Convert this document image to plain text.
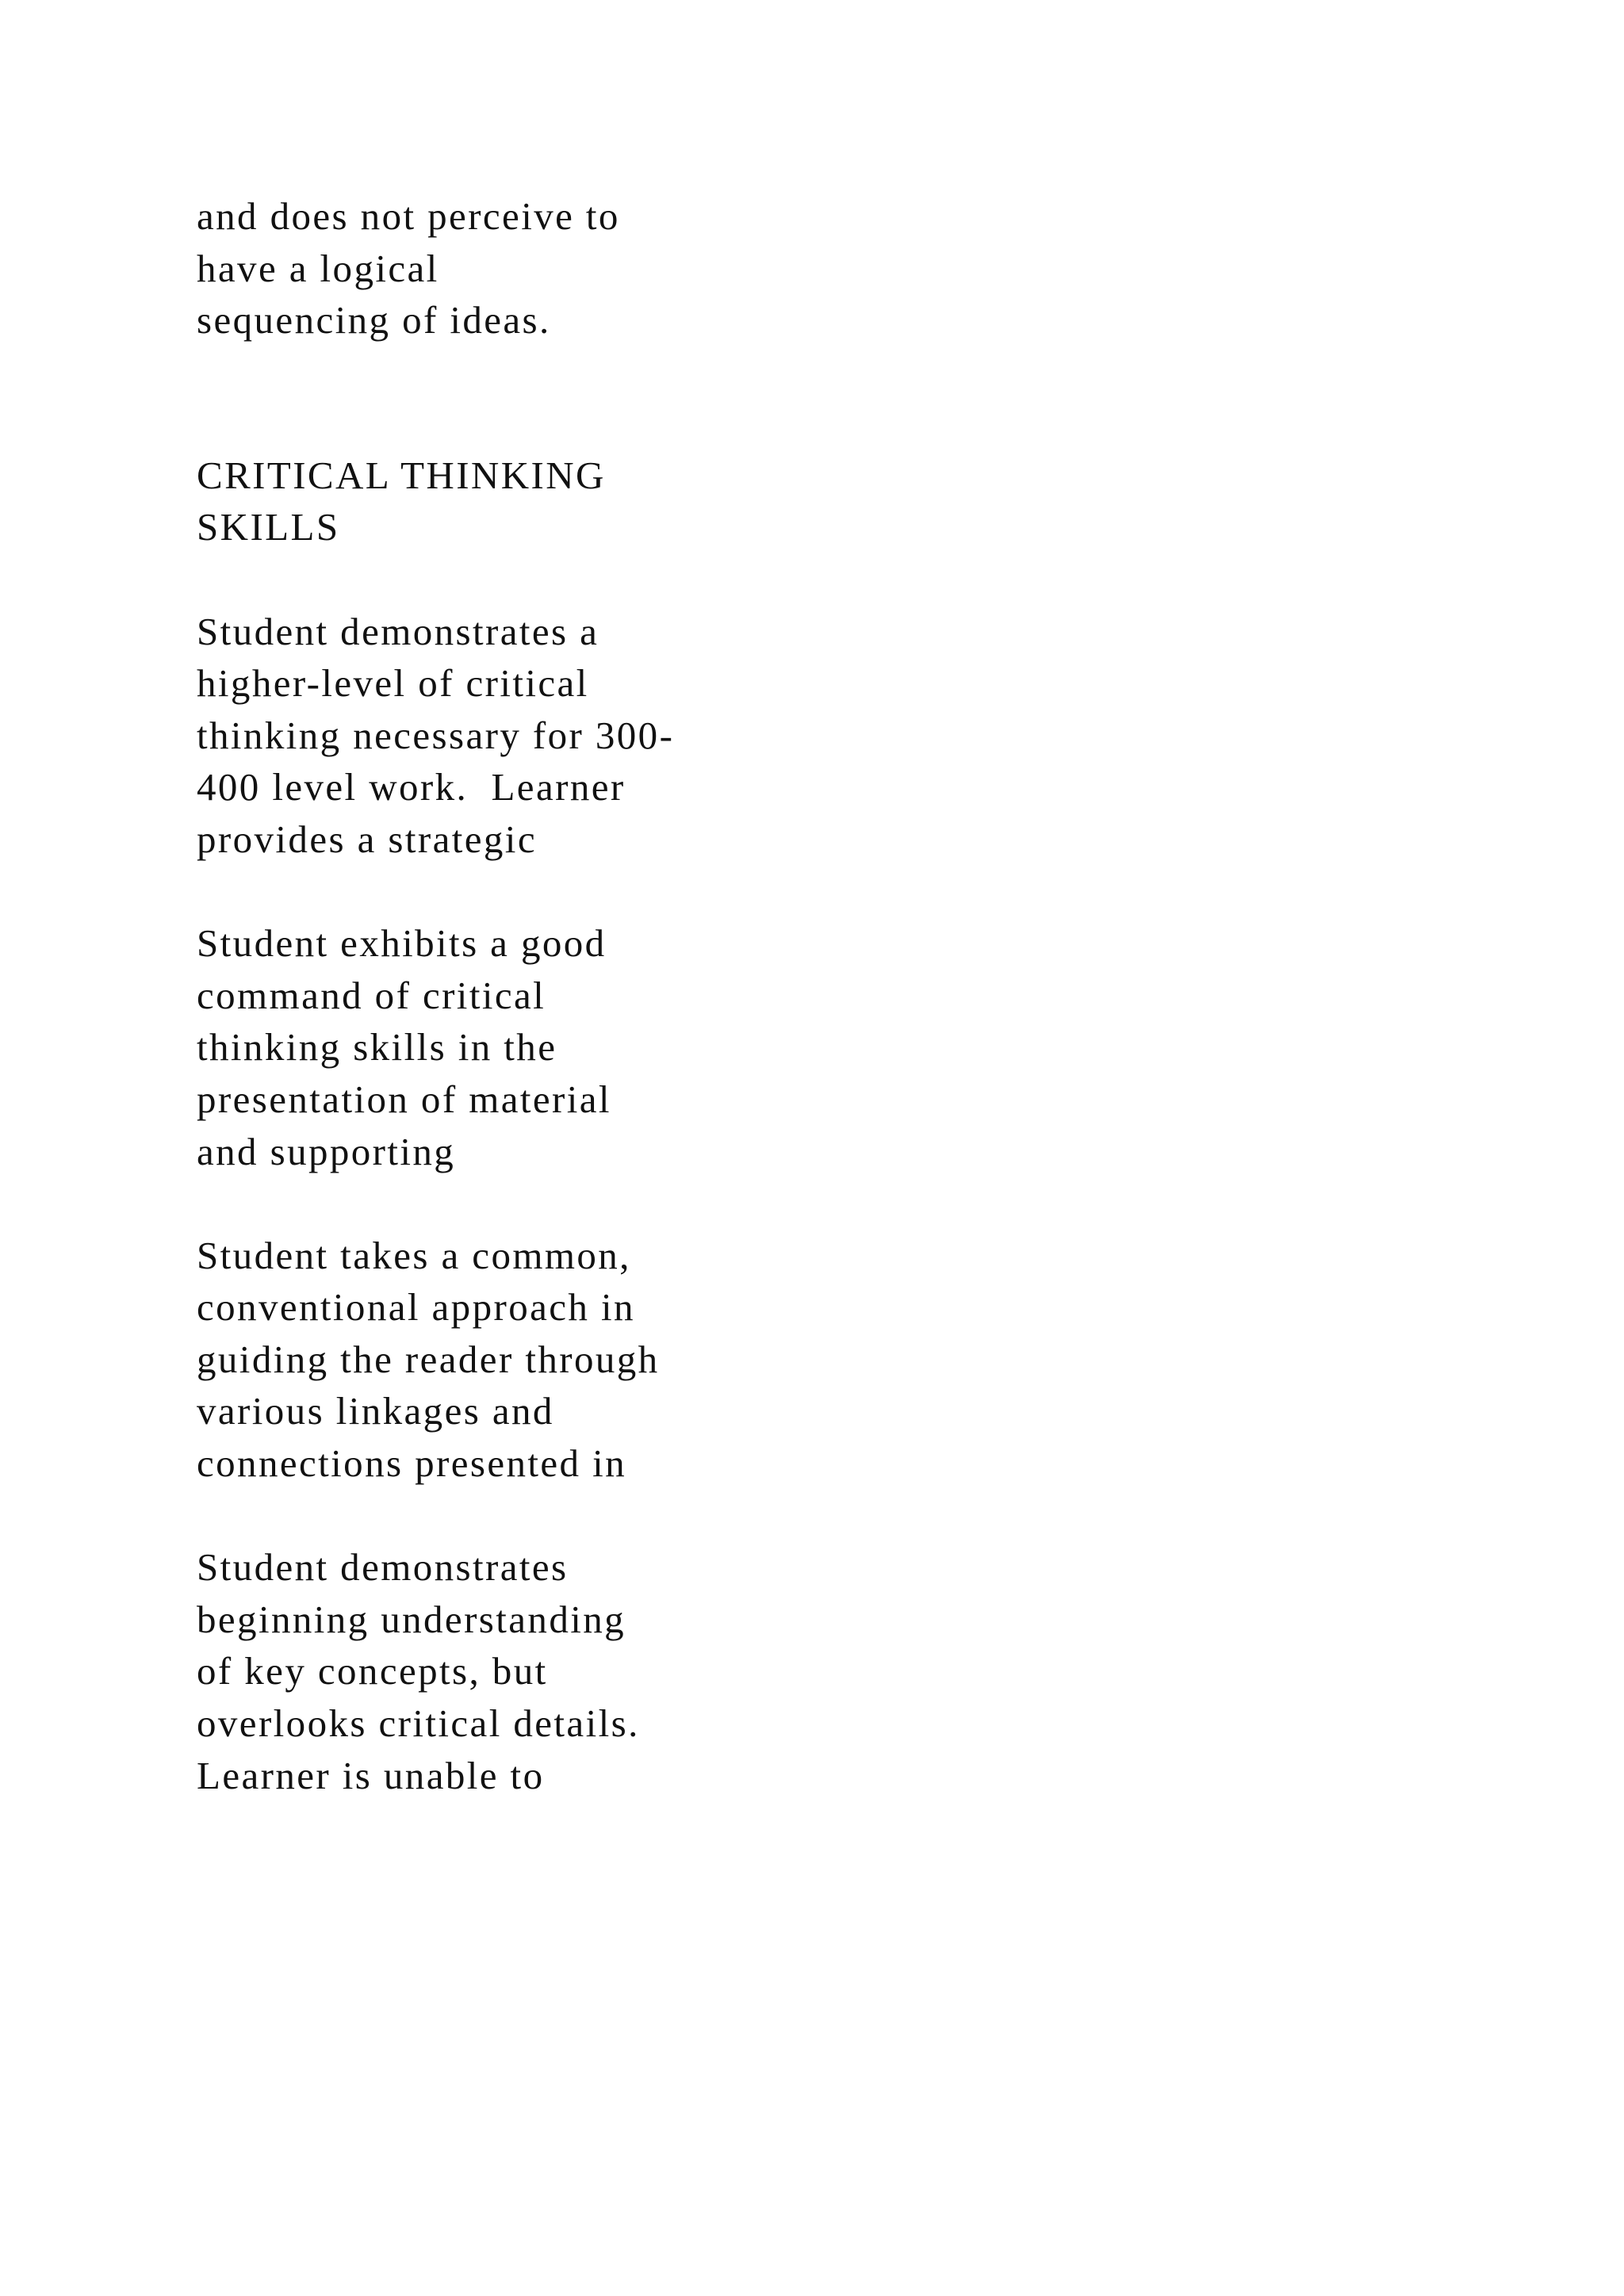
and does not perceive to
have a logical
sequencing of ideas.
CRITICAL THINKING
SKILLS
Student demonstrates a
higher-level of critical
thinking necessary for 300-
400 level work.  Learner
provides a strategic
Student exhibits a good
command of critical
thinking skills in the
presentation of material
and supporting
Student takes a common,
conventional approach in
guiding the reader through
various linkages and
connections presented in
Student demonstrates
beginning understanding
of key concepts, but
overlooks critical details.
Learner is unable to
